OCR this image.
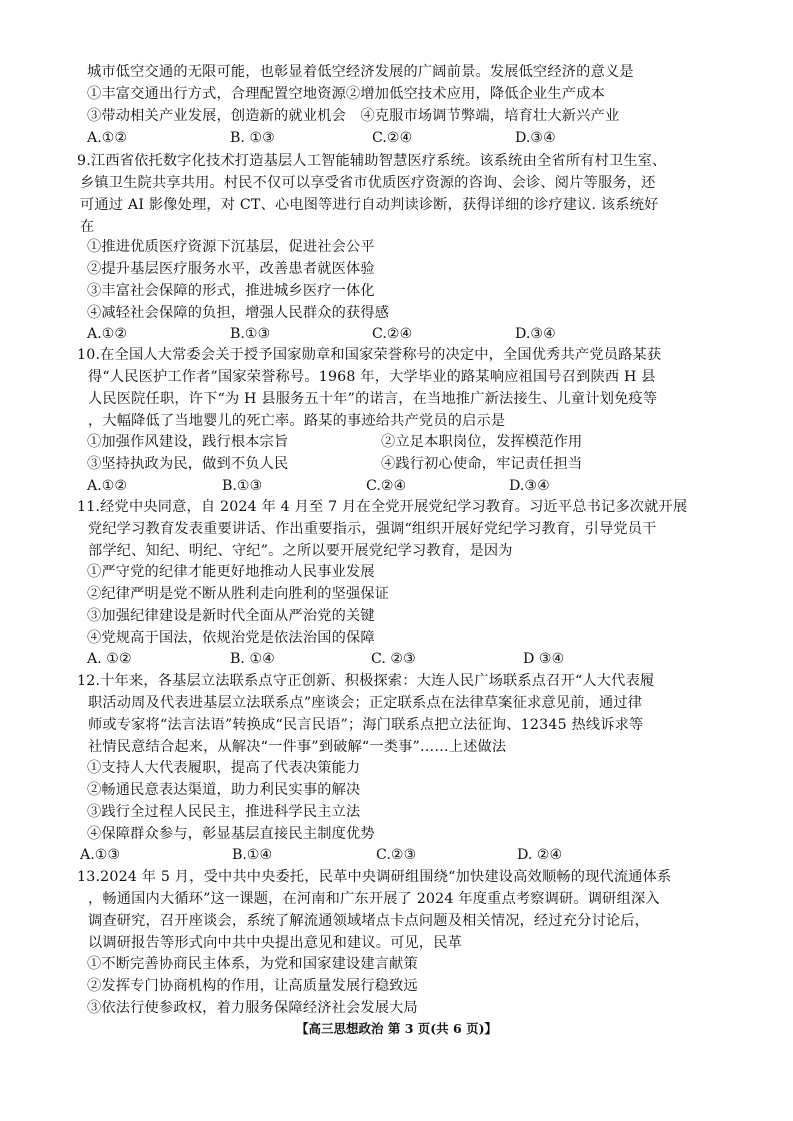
城市低空交通的无限可能，也彰显着低空经济发展的广阔前景。发展低空经济的意义是
①丰富交通出行方式，合理配置空地资源②增加低空技术应用，降低企业生产成本
③带动相关产业发展，创造新的就业机会　④克服市场调节弊端，培育壮大新兴产业
A.①②	B. ①③	C.②④	D.③④
9.江西省依托数字化技术打造基层人工智能辅助智慧医疗系统。该系统由全省所有村卫生室、
乡镇卫生院共享共用。村民不仅可以享受省市优质医疗资源的咨询、会诊、阅片等服务，还
可通过 AI 影像处理，对 CT、心电图等进行自动判读诊断，获得详细的诊疗建议. 该系统好
在
①推进优质医疗资源下沉基层，促进社会公平
②提升基层医疗服务水平，改善患者就医体验
③丰富社会保障的形式，推进城乡医疗一体化
④减轻社会保障的负担，增强人民群众的获得感
A.①②	B.①③	C.②④	D.③④
10.在全国人大常委会关于授予国家勋章和国家荣誉称号的决定中，全国优秀共产党员路某获
得“人民医护工作者”国家荣誉称号。1968 年，大学毕业的路某响应祖国号召到陕西 H 县
人民医院任职，许下“为 H 县服务五十年”的诺言，在当地推广新法接生、儿童计划免疫等
，大幅降低了当地婴儿的死亡率。路某的事迹给共产党员的启示是
①加强作风建设，践行根本宗旨	②立足本职岗位，发挥模范作用
③坚持执政为民，做到不负人民	④践行初心使命，牢记责任担当
A.①②	B.①③	C.②④	D.③④
11.经党中央同意，自 2024 年 4 月至 7 月在全党开展党纪学习教育。习近平总书记多次就开展
党纪学习教育发表重要讲话、作出重要指示，强调“组织开展好党纪学习教育，引导党员干
部学纪、知纪、明纪、守纪”。之所以要开展党纪学习教育，是因为
①严守党的纪律才能更好地推动人民事业发展
②纪律严明是党不断从胜利走向胜利的坚强保证
③加强纪律建设是新时代全面从严治党的关键
④党规高于国法，依规治党是依法治国的保障
A. ①②	B. ①④	C. ②③	D ③④
12.十年来，各基层立法联系点守正创新、积极探索：大连人民广场联系点召开“人大代表履
职活动周及代表进基层立法联系点”座谈会；正定联系点在法律草案征求意见前，通过律
师或专家将“法言法语”转换成“民言民语”；海门联系点把立法征询、12345 热线诉求等
社情民意结合起来，从解决“一件事”到破解“一类事”……上述做法
①支持人大代表履职，提高了代表决策能力
②畅通民意表达渠道，助力利民实事的解决
③践行全过程人民民主，推进科学民主立法
④保障群众参与，彰显基层直接民主制度优势
A.①③	B.①④	C.②③	D. ②④
13.2024 年 5 月，受中共中央委托，民革中央调研组围绕“加快建设高效顺畅的现代流通体系
，畅通国内大循环”这一课题，在河南和广东开展了 2024 年度重点考察调研。调研组深入
调查研究，召开座谈会，系统了解流通领域堵点卡点问题及相关情况，经过充分讨论后，
以调研报告等形式向中共中央提出意见和建议。可见，民革
①不断完善协商民主体系，为党和国家建设建言献策
②发挥专门协商机构的作用，让高质量发展行稳致远
③依法行使参政权，着力服务保障经济社会发展大局
【高三思想政治 第 3 页(共 6 页)】
